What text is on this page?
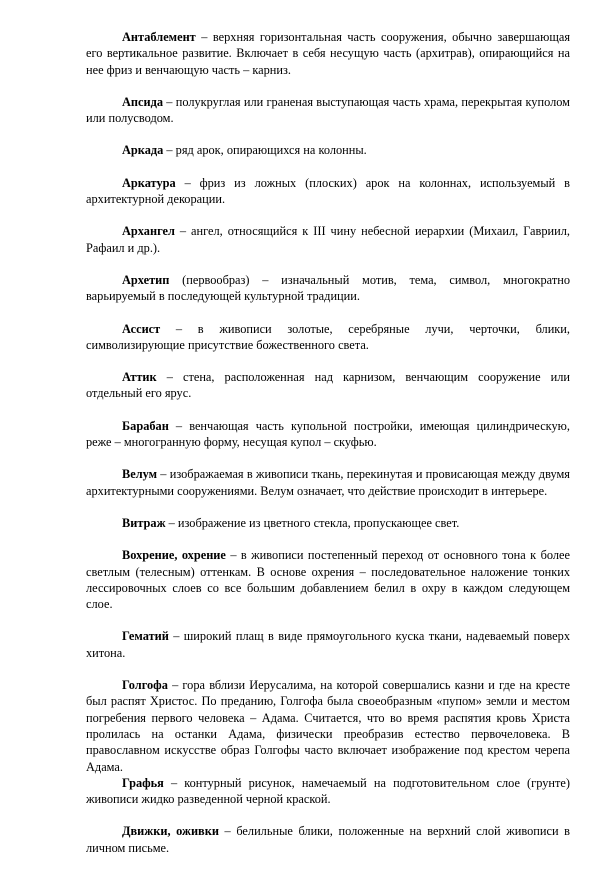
Антаблемент – верхняя горизонтальная часть сооружения, обычно завершающая его вертикальное развитие. Включает в себя несущую часть (архитрав), опирающийся на нее фриз и венчающую часть – карниз.

Апсида – полукруглая или граненая выступающая часть храма, перекрытая куполом или полусводом.

Аркада – ряд арок, опирающихся на колонны.

Аркатура – фриз из ложных (плоских) арок на колоннах, используемый в архитектурной декорации.

Архангел – ангел, относящийся к III чину небесной иерархии (Михаил, Гавриил, Рафаил и др.).

Архетип (первообраз) – изначальный мотив, тема, символ, многократно варьируемый в последующей культурной традиции.

Ассист – в живописи золотые, серебряные лучи, черточки, блики, символизирующие присутствие божественного света.

Аттик – стена, расположенная над карнизом, венчающим сооружение или отдельный его ярус.

Барабан – венчающая часть купольной постройки, имеющая цилиндрическую, реже – многогранную форму, несущая купол – скуфью.

Велум – изображаемая в живописи ткань, перекинутая и провисающая между двумя архитектурными сооружениями. Велум означает, что действие происходит в интерьере.

Витраж – изображение из цветного стекла, пропускающее свет.

Вохрение, охрение – в живописи постепенный переход от основного тона к более светлым (телесным) оттенкам. В основе охрения – последовательное наложение тонких лессировочных слоев со все большим добавлением белил в охру в каждом следующем слое.

Гематий – широкий плащ в виде прямоугольного куска ткани, надеваемый поверх хитона.

Голгофа – гора вблизи Иерусалима, на которой совершались казни и где на кресте был распят Христос. По преданию, Голгофа была своеобразным «пупом» земли и местом погребения первого человека – Адама. Считается, что во время распятия кровь Христа пролилась на останки Адама, физически преобразив естество первочеловека. В православном искусстве образ Голгофы часто включает изображение под крестом черепа Адама.

Графья – контурный рисунок, намечаемый на подготовительном слое (грунте) живописи жидко разведенной черной краской.

Движки, оживки – белильные блики, положенные на верхний слой живописи в личном письме.
